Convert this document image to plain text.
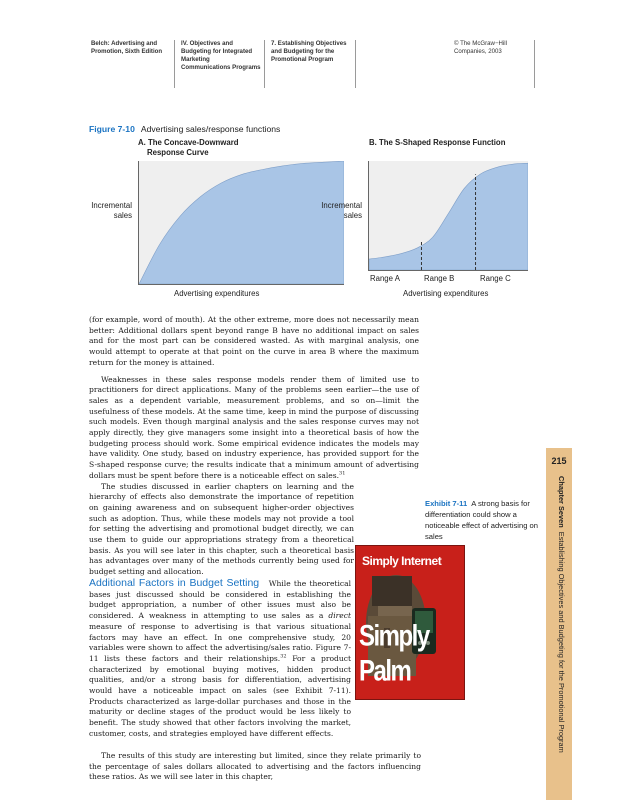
Belch: Advertising and
Promotion, Sixth Edition
IV. Objectives and
Budgeting for Integrated
Marketing
Communications Programs
7. Establishing Objectives
and Budgeting for the
Promotional Program
© The McGraw−Hill
Companies, 2003
Figure 7-10 Advertising sales/response functions
A. The Concave-Downward
Response Curve
Incremental
sales
Advertising expenditures
B. The S-Shaped Response Function
Incremental
sales
Range A	Range B	Range C
Advertising expenditures

(for example, word of mouth). At the other extreme, more does not necessarily mean better: Additional dollars spent beyond range B have no additional impact on sales and for the most part can be considered wasted. As with marginal analysis, one would attempt to operate at that point on the curve in area B where the maximum return for the money is attained.

Weaknesses in these sales response models render them of limited use to practitioners for direct applications. Many of the problems seen earlier—the use of sales as a dependent variable, measurement problems, and so on—limit the usefulness of these models. At the same time, keep in mind the purpose of discussing such models. Even though marginal analysis and the sales response curves may not apply directly, they give managers some insight into a theoretical basis of how the budgeting process should work. Some empirical evidence indicates the models may have validity. One study, based on industry experience, has provided support for the S-shaped response curve; the results indicate that a minimum amount of advertising dollars must be spent before there is a noticeable effect on sales.$^{31}$

The studies discussed in earlier chapters on learning and the hierarchy of effects also demonstrate the importance of repetition on gaining awareness and on subsequent higher-order objectives such as adoption. Thus, while these models may not provide a tool for setting the advertising and promotional budget directly, we can use them to guide our appropriations strategy from a theoretical basis. As you will see later in this chapter, such a theoretical basis has advantages over many of the methods currently being used for budget setting and allocation.

Additional Factors in Budget Setting While the theoretical bases just discussed should be considered in establishing the budget appropriation, a number of other issues must also be considered. A weakness in attempting to use sales as a direct measure of response to advertising is that various situational factors may have an effect. In one comprehensive study, 20 variables were shown to affect the advertising/sales ratio. Figure 7-11 lists these factors and their relationships.$^{32}$ For a product characterized by emotional buying motives, hidden product qualities, and/or a strong basis for differentiation, advertising would have a noticeable impact on sales (see Exhibit 7-11). Products characterized as large-dollar purchases and those in the maturity or decline stages of the product would be less likely to benefit. The study showed that other factors involving the market, customer, costs, and strategies employed have different effects.

The results of this study are interesting but limited, since they relate primarily to the percentage of sales dollars allocated to advertising and the factors influencing these ratios. As we will see later in this chapter,

Exhibit 7-11 A strong basis for differentiation could show a noticeable effect of advertising on sales
Simply Internet
Simply Palm
215
Chapter SevenEstablishing Objectives and Budgeting for the Promotional Program
